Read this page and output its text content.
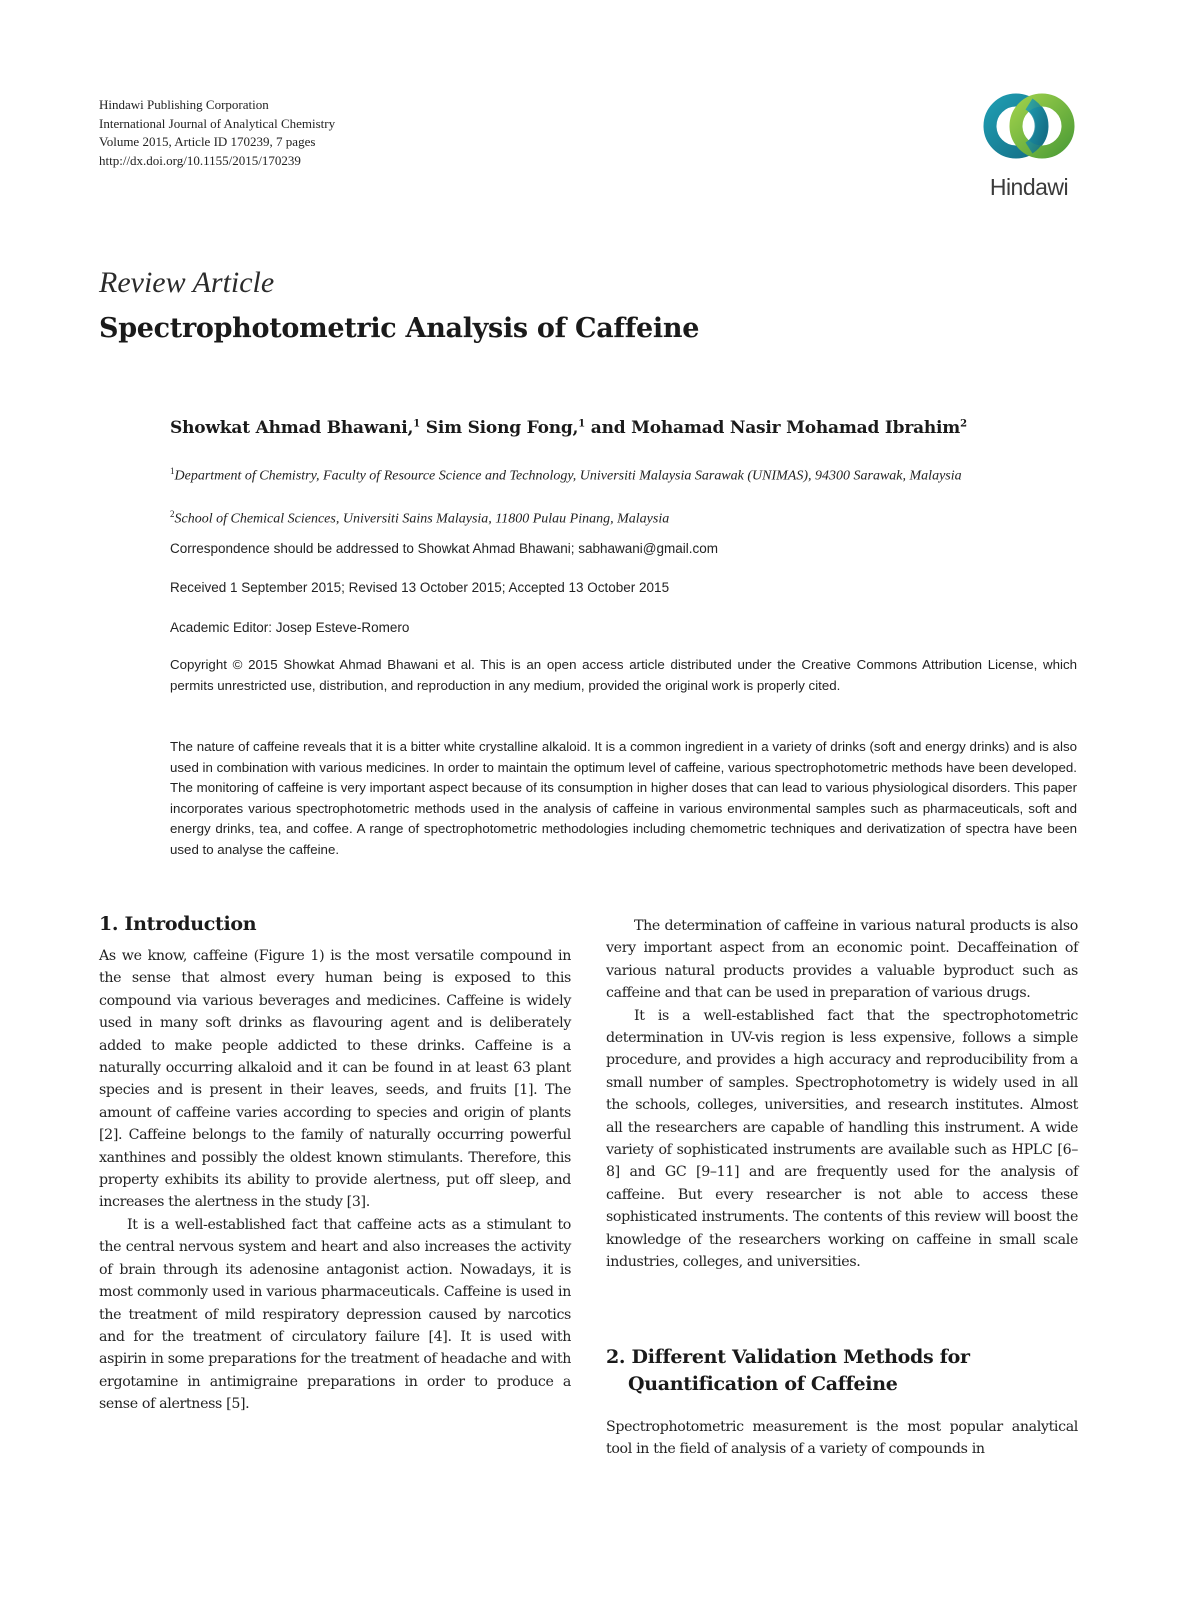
Hindawi Publishing Corporation
International Journal of Analytical Chemistry
Volume 2015, Article ID 170239, 7 pages
http://dx.doi.org/10.1155/2015/170239
Hindawi
Review Article
Spectrophotometric Analysis of Caffeine
Showkat Ahmad Bhawani,$^1$ Sim Siong Fong,$^1$ and Mohamad Nasir Mohamad Ibrahim$^2$
$^1$Department of Chemistry, Faculty of Resource Science and Technology, Universiti Malaysia Sarawak (UNIMAS), 94300 Sarawak, Malaysia
$^2$School of Chemical Sciences, Universiti Sains Malaysia, 11800 Pulau Pinang, Malaysia
Correspondence should be addressed to Showkat Ahmad Bhawani; sabhawani@gmail.com
Received 1 September 2015; Revised 13 October 2015; Accepted 13 October 2015
Academic Editor: Josep Esteve-Romero
Copyright © 2015 Showkat Ahmad Bhawani et al. This is an open access article distributed under the Creative Commons Attribution License, which permits unrestricted use, distribution, and reproduction in any medium, provided the original work is properly cited.
The nature of caffeine reveals that it is a bitter white crystalline alkaloid. It is a common ingredient in a variety of drinks (soft and energy drinks) and is also used in combination with various medicines. In order to maintain the optimum level of caffeine, various spectrophotometric methods have been developed. The monitoring of caffeine is very important aspect because of its consumption in higher doses that can lead to various physiological disorders. This paper incorporates various spectrophotometric methods used in the analysis of caffeine in various environmental samples such as pharmaceuticals, soft and energy drinks, tea, and coffee. A range of spectrophotometric methodologies including chemometric techniques and derivatization of spectra have been used to analyse the caffeine.
1. Introduction

As we know, caffeine (Figure 1) is the most versatile compound in the sense that almost every human being is exposed to this compound via various beverages and medicines. Caffeine is widely used in many soft drinks as flavouring agent and is deliberately added to make people addicted to these drinks. Caffeine is a naturally occurring alkaloid and it can be found in at least 63 plant species and is present in their leaves, seeds, and fruits [1]. The amount of caffeine varies according to species and origin of plants [2]. Caffeine belongs to the family of naturally occurring powerful xanthines and possibly the oldest known stimulants. Therefore, this property exhibits its ability to provide alertness, put off sleep, and increases the alertness in the study [3].

It is a well-established fact that caffeine acts as a stimulant to the central nervous system and heart and also increases the activity of brain through its adenosine antagonist action. Nowadays, it is most commonly used in various pharmaceuticals. Caffeine is used in the treatment of mild respiratory depression caused by narcotics and for the treatment of circulatory failure [4]. It is used with aspirin in some preparations for the treatment of headache and with ergotamine in antimigraine preparations in order to produce a sense of alertness [5].

The determination of caffeine in various natural products is also very important aspect from an economic point. Decaffeination of various natural products provides a valuable byproduct such as caffeine and that can be used in preparation of various drugs.

It is a well-established fact that the spectrophotometric determination in UV-vis region is less expensive, follows a simple procedure, and provides a high accuracy and reproducibility from a small number of samples. Spectrophotometry is widely used in all the schools, colleges, universities, and research institutes. Almost all the researchers are capable of handling this instrument. A wide variety of sophisticated instruments are available such as HPLC [6–8] and GC [9–11] and are frequently used for the analysis of caffeine. But every researcher is not able to access these sophisticated instruments. The contents of this review will boost the knowledge of the researchers working on caffeine in small scale industries, colleges, and universities.

2. Different Validation Methods for
Quantification of Caffeine

Spectrophotometric measurement is the most popular analytical tool in the field of analysis of a variety of compounds in
